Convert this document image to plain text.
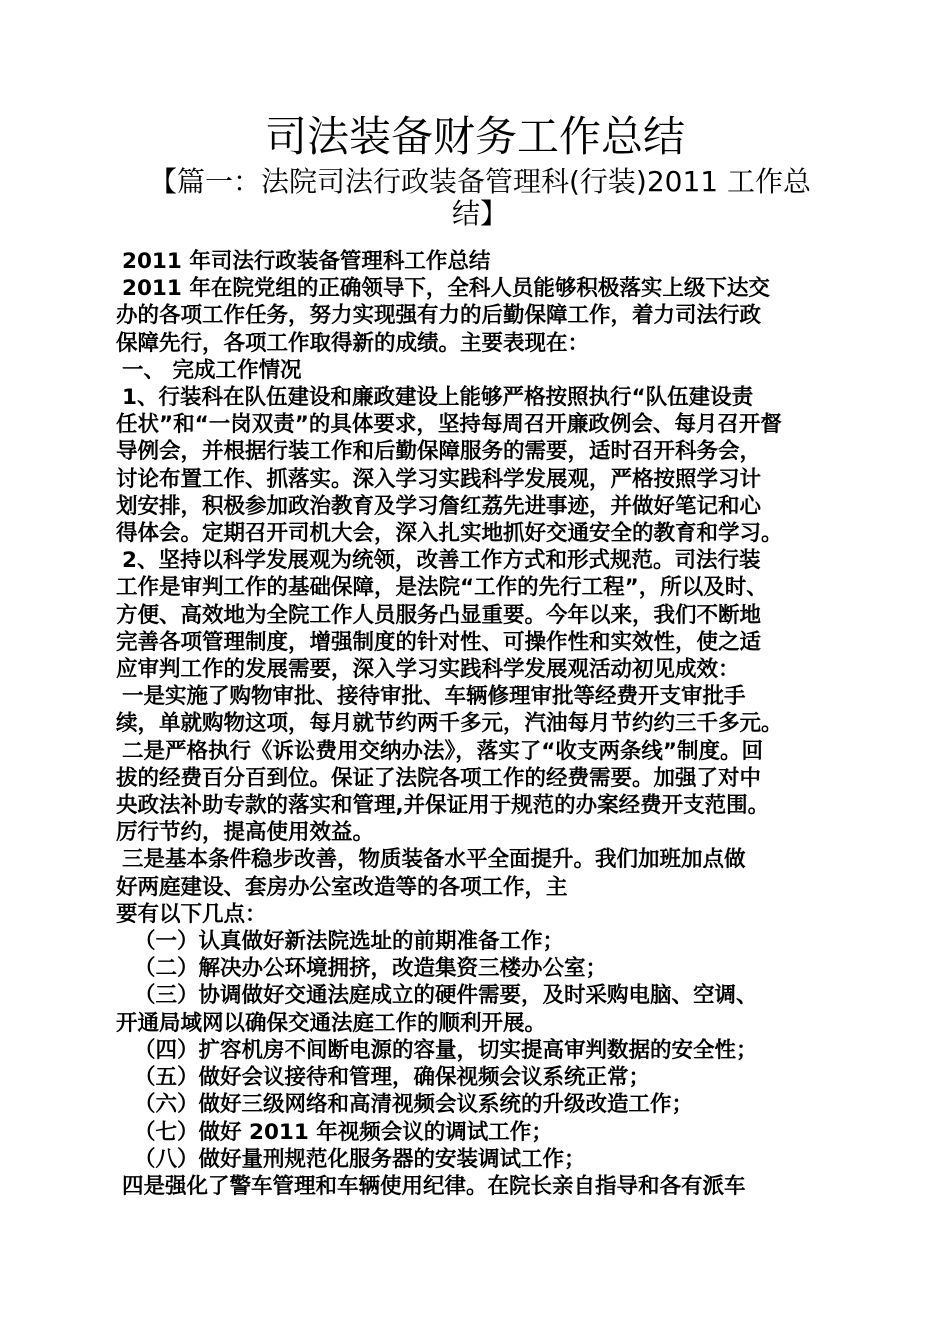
司法装备财务工作总结
【篇一：法院司法行政装备管理科(行装)2011 工作总
结】

2011 年司法行政装备管理科工作总结

2011 年在院党组的正确领导下，全科人员能够积极落实上级下达交

办的各项工作任务，努力实现强有力的后勤保障工作，着力司法行政

保障先行，各项工作取得新的成绩。主要表现在：

一、 完成工作情况

1、行装科在队伍建设和廉政建设上能够严格按照执行“队伍建设责

任状”和“一岗双责”的具体要求，坚持每周召开廉政例会、每月召开督

导例会，并根据行装工作和后勤保障服务的需要，适时召开科务会，

讨论布置工作、抓落实。深入学习实践科学发展观，严格按照学习计

划安排，积极参加政治教育及学习詹红荔先进事迹，并做好笔记和心

得体会。定期召开司机大会，深入扎实地抓好交通安全的教育和学习。

2、坚持以科学发展观为统领，改善工作方式和形式规范。司法行装

工作是审判工作的基础保障，是法院“工作的先行工程”，所以及时、

方便、高效地为全院工作人员服务凸显重要。今年以来，我们不断地

完善各项管理制度，增强制度的针对性、可操作性和实效性，使之适

应审判工作的发展需要，深入学习实践科学发展观活动初见成效：

一是实施了购物审批、接待审批、车辆修理审批等经费开支审批手

续，单就购物这项，每月就节约两千多元，汽油每月节约约三千多元。

二是严格执行《诉讼费用交纳办法》，落实了“收支两条线”制度。回

拔的经费百分百到位。保证了法院各项工作的经费需要。加强了对中

央政法补助专款的落实和管理,并保证用于规范的办案经费开支范围。

厉行节约，提高使用效益。

三是基本条件稳步改善，物质装备水平全面提升。我们加班加点做

好两庭建设、套房办公室改造等的各项工作，主

要有以下几点：

（一）认真做好新法院选址的前期准备工作；

（二）解决办公环境拥挤，改造集资三楼办公室；

（三）协调做好交通法庭成立的硬件需要，及时采购电脑、空调、

开通局域网以确保交通法庭工作的顺利开展。

（四）扩容机房不间断电源的容量，切实提高审判数据的安全性；

（五）做好会议接待和管理，确保视频会议系统正常；

（六）做好三级网络和高清视频会议系统的升级改造工作；

（七）做好 2011 年视频会议的调试工作；

（八）做好量刑规范化服务器的安装调试工作；

四是强化了警车管理和车辆使用纪律。在院长亲自指导和各有派车
